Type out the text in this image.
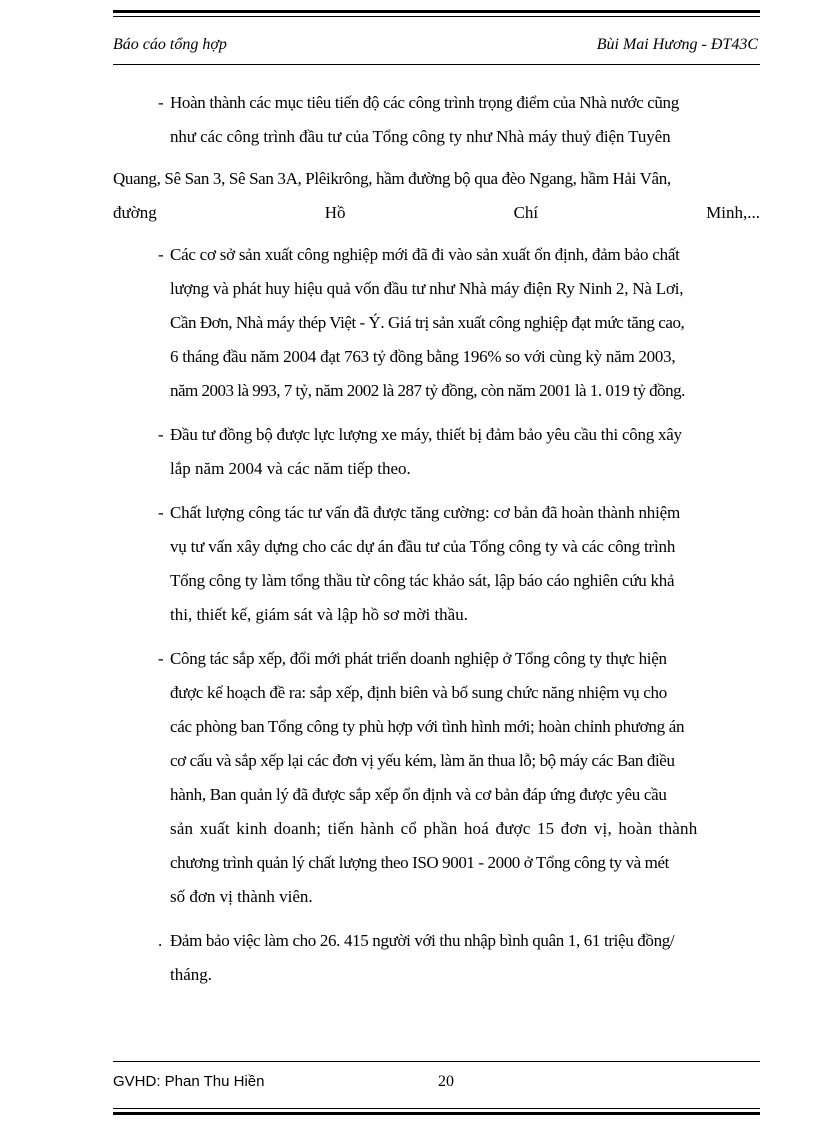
Báo cáo tổng hợp	Bùi Mai Hương - ĐT43C
- Hoàn thành các mục tiêu tiến độ các công trình trọng điểm của Nhà nước cũng
như các công trình đầu tư của Tổng công ty như Nhà máy thuỷ điện Tuyên
Quang, Sê San 3, Sê San 3A, Plêikrông, hầm đường bộ qua đèo Ngang, hầm Hải Vân,
đường	Hồ	Chí	Minh,...
- Các cơ sở sản xuất công nghiệp mới đã đi vào sản xuất ổn định, đảm bảo chất
lượng và phát huy hiệu quả vốn đầu tư như Nhà máy điện Ry Ninh 2, Nà Lơi,
Cần Đơn, Nhà máy thép Việt - Ý. Giá trị sản xuất công nghiệp đạt mức tăng cao,
6 tháng đầu năm 2004 đạt 763 tỷ đồng bằng 196% so với cùng kỳ năm 2003,
năm 2003 là 993, 7 tỷ, năm 2002 là 287 tỷ đồng, còn năm 2001 là 1. 019 tỷ đồng.
- Đầu tư đồng bộ được lực lượng xe máy, thiết bị đảm bảo yêu cầu thi công xây
lắp năm 2004 và các năm tiếp theo.
- Chất lượng công tác tư vấn đã được tăng cường: cơ bản đã hoàn thành nhiệm
vụ tư vấn xây dựng cho các dự án đầu tư của Tổng công ty và các công trình
Tổng công ty làm tổng thầu từ công tác khảo sát, lập báo cáo nghiên cứu khả
thi, thiết kế, giám sát và lập hồ sơ mời thầu.
- Công tác sắp xếp, đổi mới phát triển doanh nghiệp ở Tổng công ty thực hiện
được kế hoạch đề ra: sắp xếp, định biên và bổ sung chức năng nhiệm vụ cho
các phòng ban Tổng công ty phù hợp với tình hình mới; hoàn chỉnh phương án
cơ cấu và sắp xếp lại các đơn vị yếu kém, làm ăn thua lỗ; bộ máy các Ban điều
hành, Ban quản lý đã được sắp xếp ổn định và cơ bản đáp ứng được yêu cầu
sản xuất kinh doanh; tiến hành cổ phần hoá được 15 đơn vị, hoàn thành
chương trình quản lý chất lượng theo ISO 9001 - 2000 ở Tổng công ty và mét
số đơn vị thành viên.
. Đảm bảo việc làm cho 26. 415 người với thu nhập bình quân 1, 61 triệu đồng/
tháng.
GVHD: Phan Thu Hiền	20
